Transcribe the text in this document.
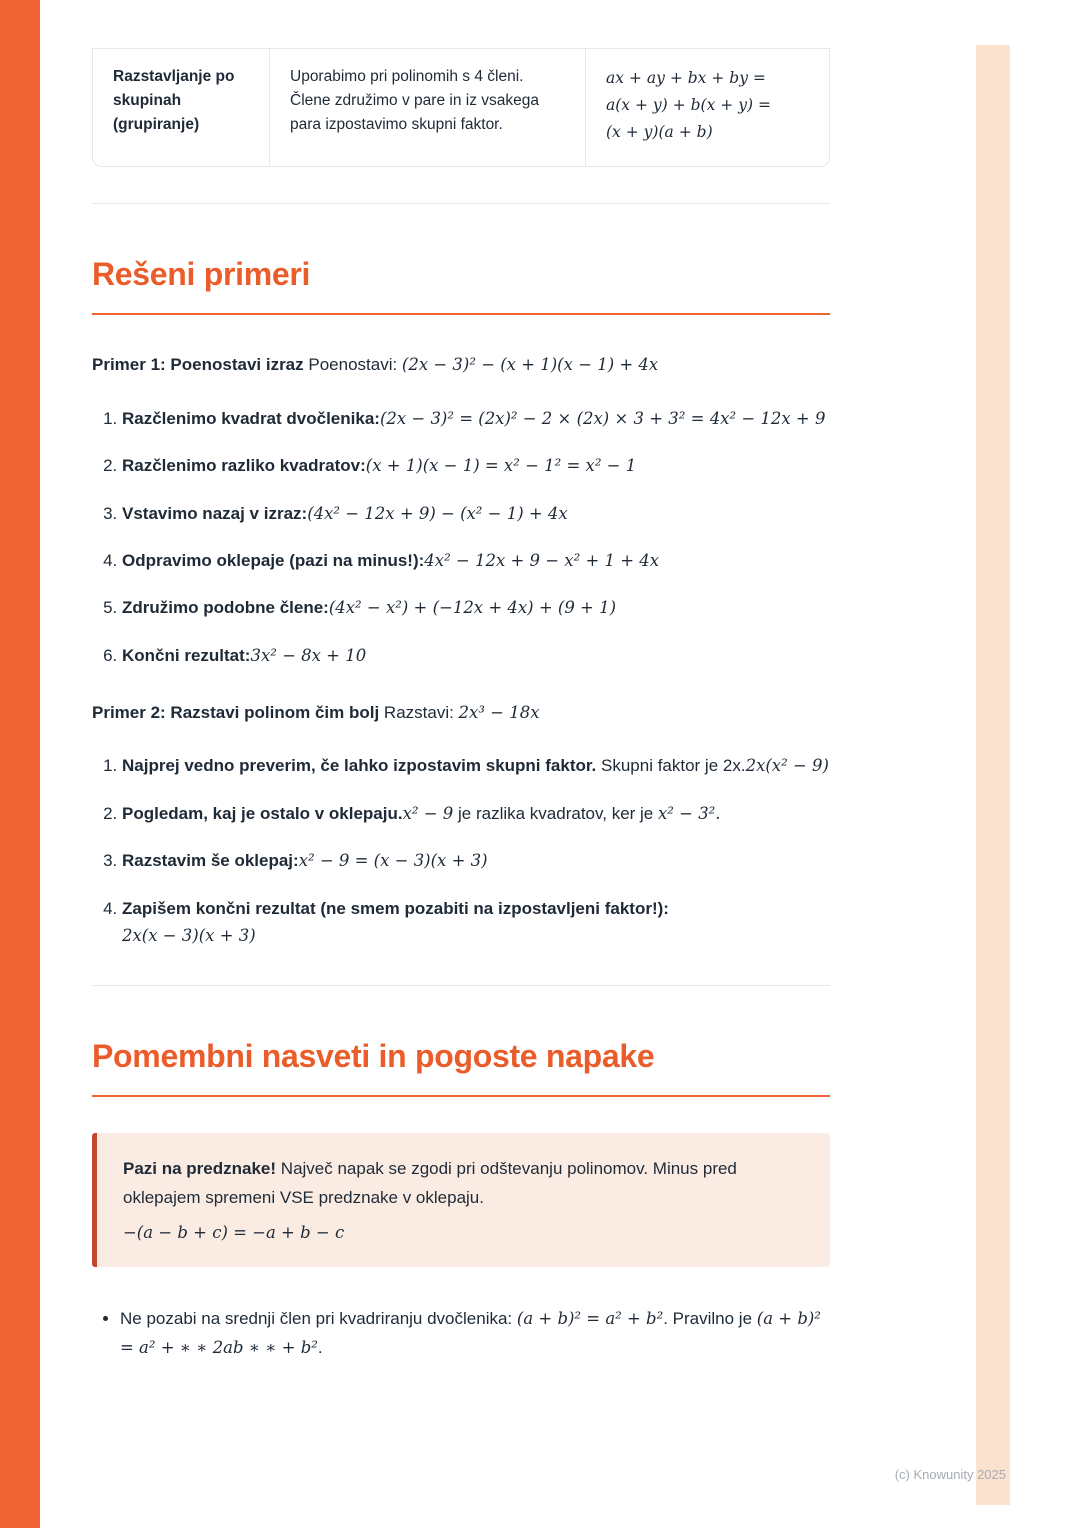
Razstavljanje po skupinah (grupiranje)
Uporabimo pri polinomih s 4 členi. Člene združimo v pare in iz vsakega para izpostavimo skupni faktor.
ax + ay + bx + by =
a(x + y) + b(x + y) =
(x + y)(a + b)
Rešeni primeri

Primer 1: Poenostavi izraz Poenostavi: (2x − 3)² − (x + 1)(x − 1) + 4x

1. Razčlenimo kvadrat dvočlenika:(2x − 3)² = (2x)² − 2 × (2x) × 3 + 3² = 4x² − 12x + 9
2. Razčlenimo razliko kvadratov:(x + 1)(x − 1) = x² − 1² = x² − 1
3. Vstavimo nazaj v izraz:(4x² − 12x + 9) − (x² − 1) + 4x
4. Odpravimo oklepaje (pazi na minus!):4x² − 12x + 9 − x² + 1 + 4x
5. Združimo podobne člene:(4x² − x²) + (−12x + 4x) + (9 + 1)
6. Končni rezultat:3x² − 8x + 10

Primer 2: Razstavi polinom čim bolj Razstavi: 2x³ − 18x

1. Najprej vedno preverim, če lahko izpostavim skupni faktor. Skupni faktor je 2x.2x(x² − 9)
2. Pogledam, kaj je ostalo v oklepaju.x² − 9 je razlika kvadratov, ker je x² − 3².
3. Razstavim še oklepaj:x² − 9 = (x − 3)(x + 3)
4. Zapišem končni rezultat (ne smem pozabiti na izpostavljeni faktor!):
2x(x − 3)(x + 3)
Pomembni nasveti in pogoste napake

Pazi na predznake! Največ napak se zgodi pri odštevanju polinomov. Minus pred oklepajem spremeni VSE predznake v oklepaju.

−(a − b + c) = −a + b − c
• Ne pozabi na srednji člen pri kvadriranju dvočlenika: (a + b)² = a² + b². Pravilno je (a + b)² = a² + ∗ ∗ 2ab ∗ ∗ + b².
(c) Knowunity 2025
